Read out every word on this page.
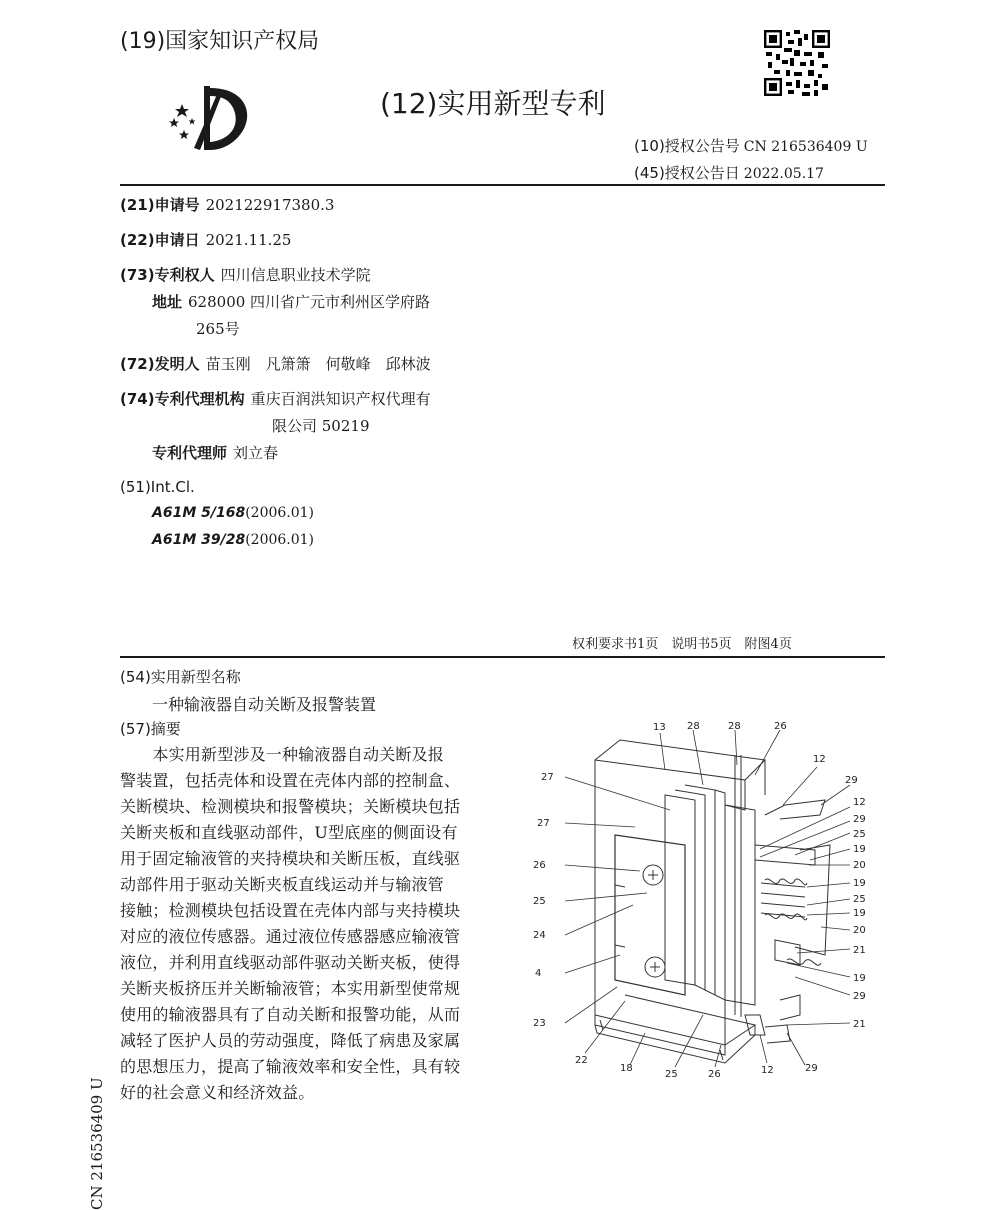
(19)国家知识产权局
(12)实用新型专利
(10)授权公告号 CN 216536409 U
(45)授权公告日 2022.05.17
(21)申请号 202122917380.3
(22)申请日 2021.11.25
(73)专利权人 四川信息职业技术学院
地址 628000 四川省广元市利州区学府路
265号
(72)发明人 苗玉刚　凡箫箫　何敬峰　邱林波
(74)专利代理机构 重庆百润洪知识产权代理有
限公司 50219
专利代理师 刘立春
(51)Int.Cl.
A61M 5/168(2006.01)
A61M 39/28(2006.01)
权利要求书1页　说明书5页　附图4页
(54)实用新型名称
一种输液器自动关断及报警装置
(57)摘要
　　本实用新型涉及一种输液器自动关断及报
警装置，包括壳体和设置在壳体内部的控制盒、
关断模块、检测模块和报警模块；关断模块包括
关断夹板和直线驱动部件，U型底座的侧面设有
用于固定输液管的夹持模块和关断压板，直线驱
动部件用于驱动关断夹板直线运动并与输液管
接触；检测模块包括设置在壳体内部与夹持模块
对应的液位传感器。通过液位传感器感应输液管
液位，并利用直线驱动部件驱动关断夹板，使得
关断夹板挤压并关断输液管；本实用新型使常规
使用的输液器具有了自动关断和报警功能，从而
减轻了医护人员的劳动强度，降低了病患及家属
的思想压力，提高了输液效率和安全性，具有较
好的社会意义和经济效益。
CN 216536409 U
13 28	28	26
12
29
12
29
25
19
20
19
25
19
20
21
19
29
21
27
27
26
25
24
4
23
22
18
25	26	12	29
